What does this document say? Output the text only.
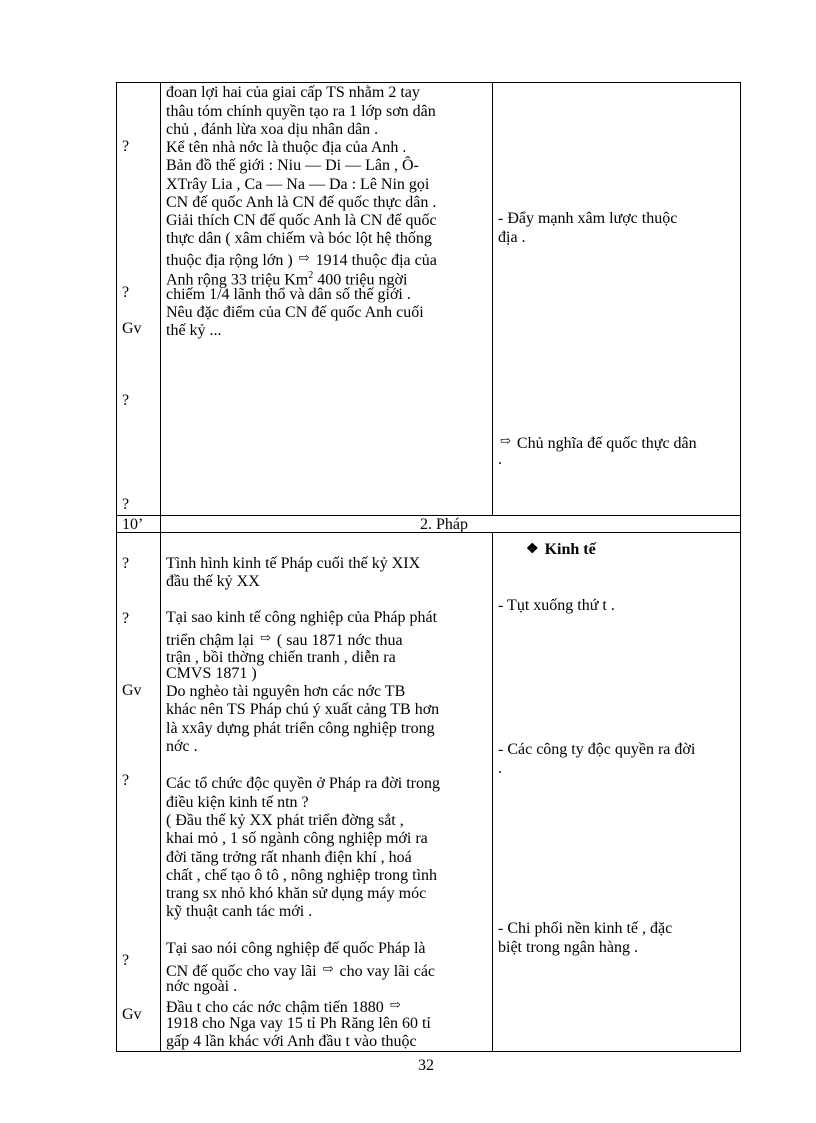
?
?
Gv
?
?
đoan lợi hai của giai cấp TS nhằm 2 tay
thâu tóm chính quyền tạo ra 1 lớp sơn dân
chủ , đánh lừa xoa dịu nhân dân .
Kể tên nhà nớc là thuộc địa của Anh .
Bản đồ thế giới : Niu — Di — Lân , Ô-
XTrây Lia , Ca — Na — Da : Lê Nin gọi
CN đế quốc Anh là CN đế quốc thực dân .
Giải thích CN đế quốc Anh là CN đế quốc
thực dân ( xâm chiếm và bóc lột hệ thống
thuộc địa rộng lớn ) ⇨ 1914 thuộc địa của
Anh rộng 33 triệu Km$^2$ 400 triệu ngời
chiếm 1/4 lãnh thổ và dân số thế giới .
Nêu đặc điểm của CN đế quốc Anh cuối
thế kỷ ...
- Đẩy mạnh xâm lược thuộc
địa .
⇨ Chủ nghĩa đế quốc thực dân
.
10’	2. Pháp
?
?
Gv
?
?
Gv
Tình hình kinh tế Pháp cuối thế kỷ XIX
đầu thế kỷ XX
Tại sao kinh tế công nghiệp của Pháp phát
triển chậm lại ⇨ ( sau 1871 nớc thua
trận , bồi thờng chiến tranh , diễn ra
CMVS 1871 )
Do nghèo tài nguyên hơn các nớc TB
khác nên TS Pháp chú ý xuất cảng TB hơn
là xxây dựng phát triển công nghiệp trong
nớc .
Các tổ chức độc quyền ở Pháp ra đời trong
điều kiện kinh tế ntn ?
( Đầu thế kỷ XX phát triển đờng sắt ,
khai mỏ , 1 số ngành công nghiệp mới ra
đời tăng trởng rất nhanh điện khí , hoá
chất , chế tạo ô tô , nông nghiệp trong tình
trang sx nhỏ khó khăn sử dụng máy móc
kỹ thuật canh tác mới .
Tại sao nói công nghiệp đế quốc Pháp là
CN đế quốc cho vay lãi ⇨ cho vay lãi các
nớc ngoài .
Đầu t cho các nớc chậm tiến 1880 ⇨
1918 cho Nga vay 15 tỉ Ph Răng lên 60 tỉ
gấp 4 lần khác với Anh đầu t vào thuộc
❖ Kinh tế
- Tụt xuống thứ t .
- Các công ty độc quyền ra đời
.
- Chi phối nền kinh tế , đặc
biệt trong ngân hàng .
32
